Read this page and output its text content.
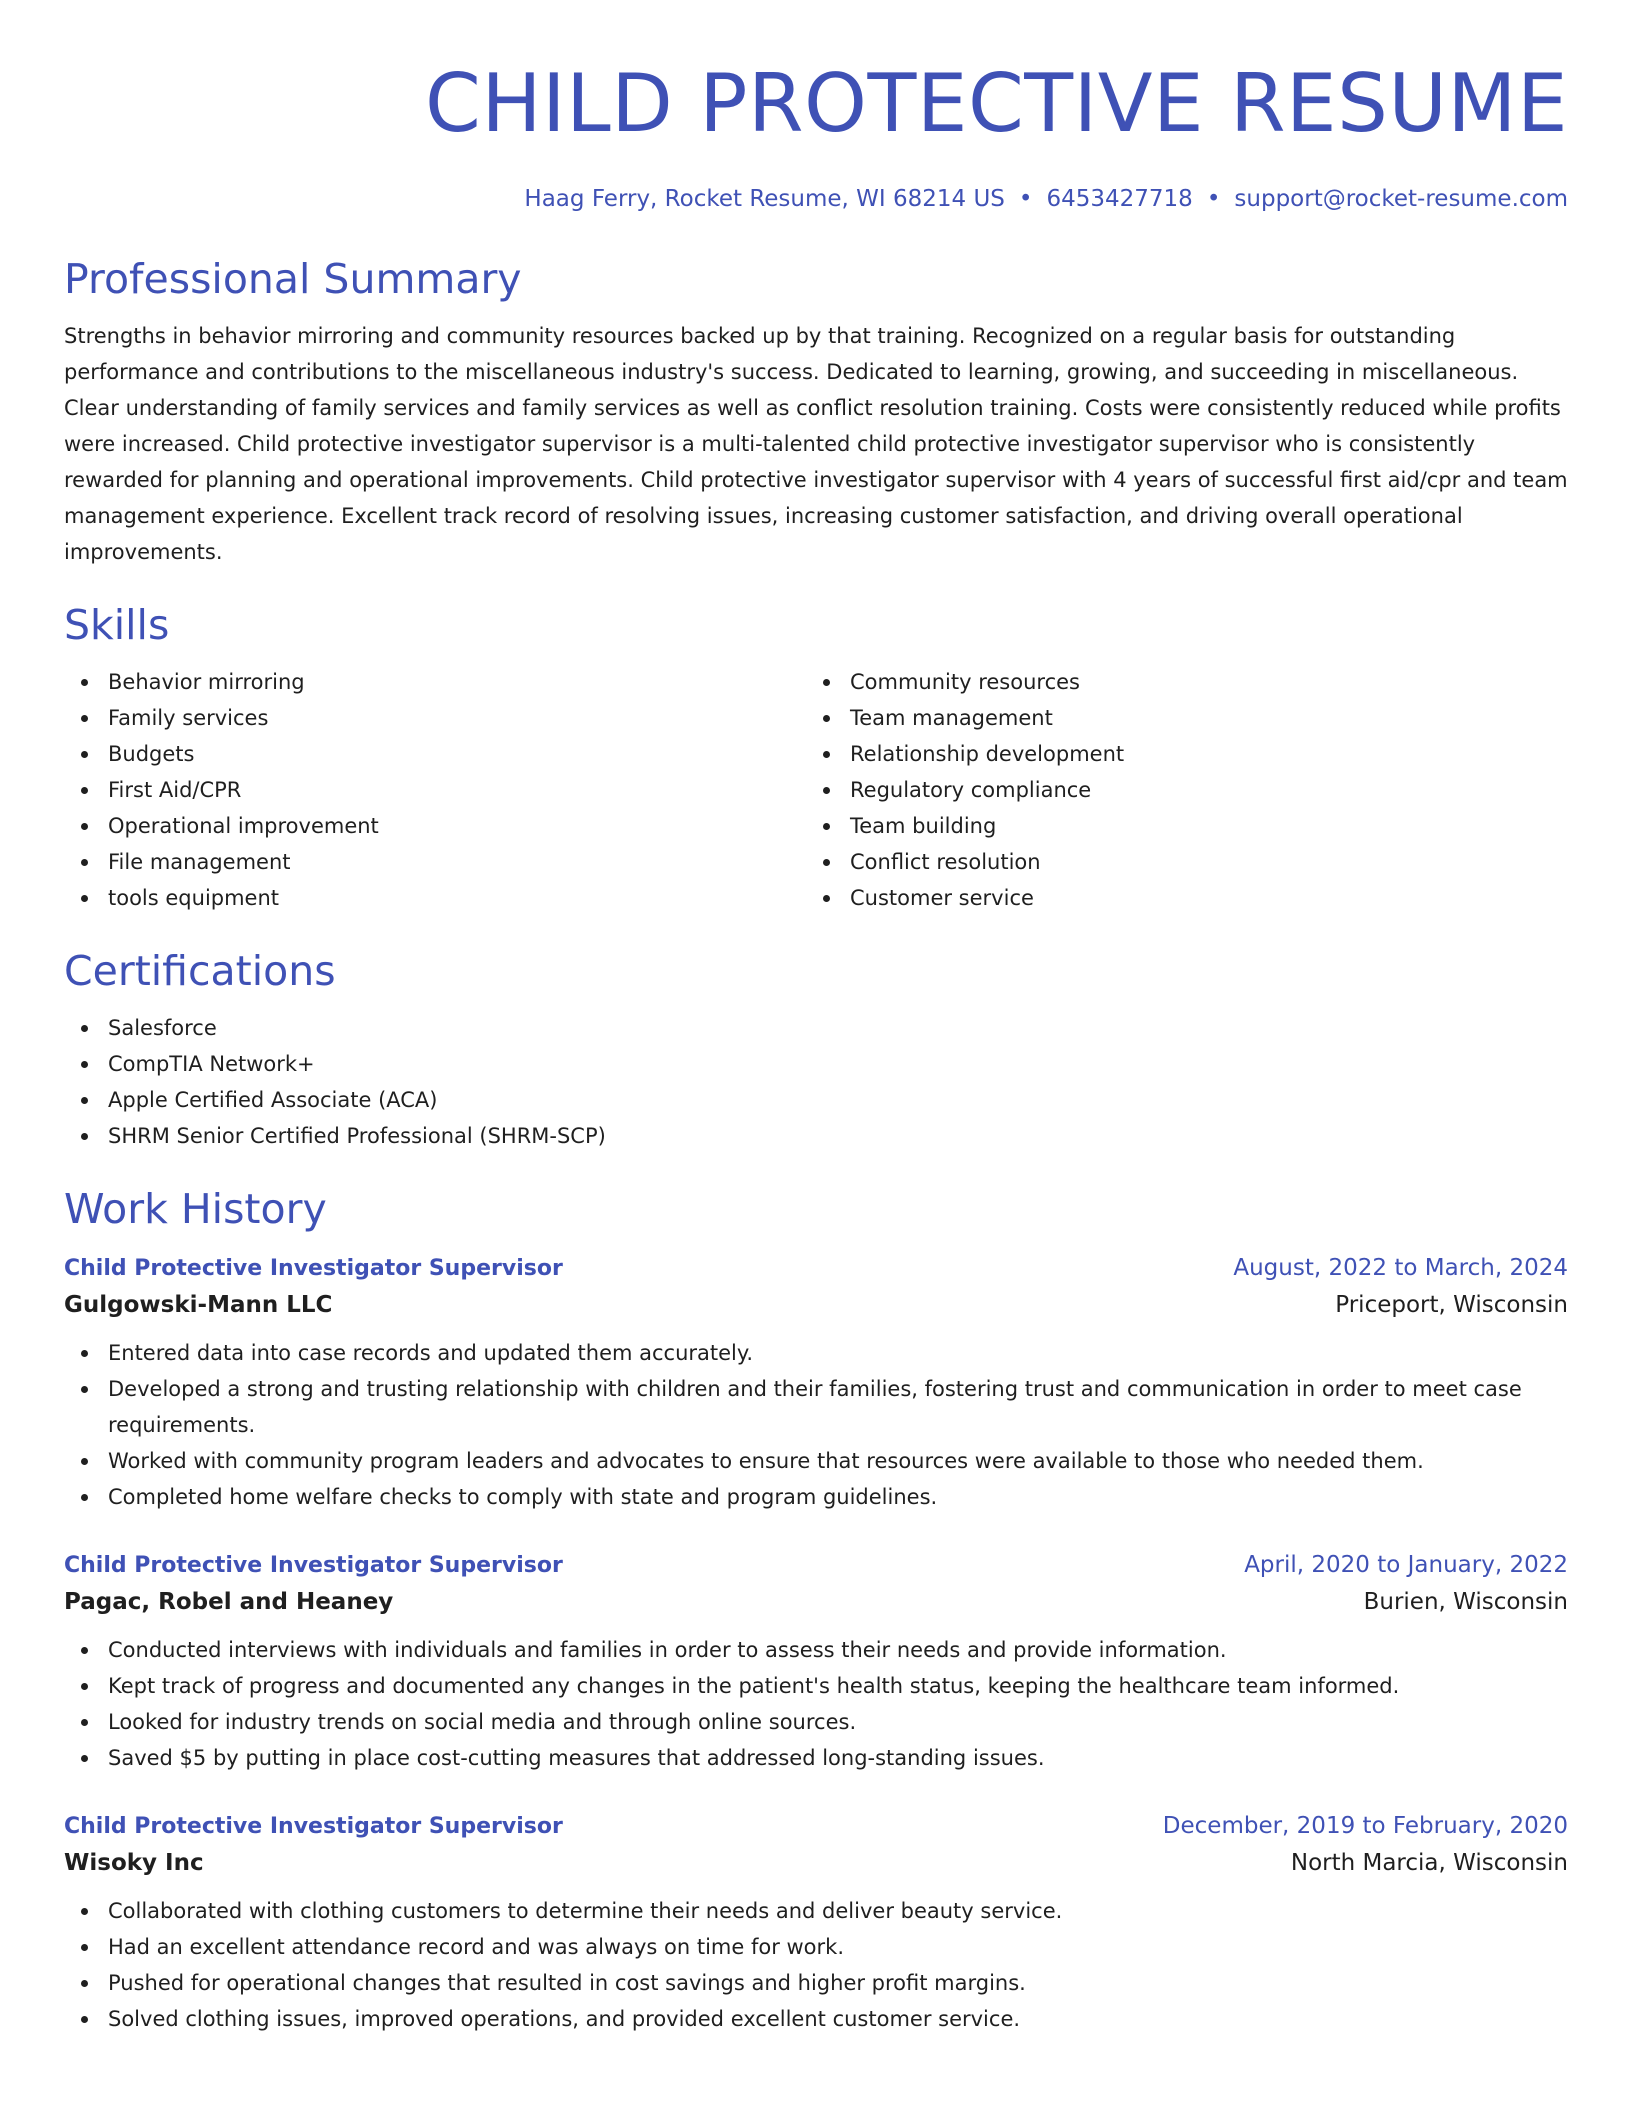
CHILD PROTECTIVE RESUME
Haag Ferry, Rocket Resume, WI 68214 US • 6453427718 • support@rocket-resume.com
Professional Summary

Strengths in behavior mirroring and community resources backed up by that training. Recognized on a regular basis for outstanding performance and contributions to the miscellaneous industry's success. Dedicated to learning, growing, and succeeding in miscellaneous. Clear understanding of family services and family services as well as conflict resolution training. Costs were consistently reduced while profits were increased. Child protective investigator supervisor is a multi-talented child protective investigator supervisor who is consistently rewarded for planning and operational improvements. Child protective investigator supervisor with 4 years of successful first aid/cpr and team management experience. Excellent track record of resolving issues, increasing customer satisfaction, and driving overall operational improvements.

Skills
Behavior mirroring
Family services
Budgets
First Aid/CPR
Operational improvement
File management
tools equipment
Community resources
Team management
Relationship development
Regulatory compliance
Team building
Conflict resolution
Customer service
Certifications
Salesforce
CompTIA Network+
Apple Certified Associate (ACA)
SHRM Senior Certified Professional (SHRM-SCP)
Work History
Child Protective Investigator Supervisor	August, 2022 to March, 2024
Gulgowski-Mann LLC	Priceport, Wisconsin
Entered data into case records and updated them accurately.
Developed a strong and trusting relationship with children and their families, fostering trust and communication in order to meet case requirements.
Worked with community program leaders and advocates to ensure that resources were available to those who needed them.
Completed home welfare checks to comply with state and program guidelines.
Child Protective Investigator Supervisor	April, 2020 to January, 2022
Pagac, Robel and Heaney	Burien, Wisconsin
Conducted interviews with individuals and families in order to assess their needs and provide information.
Kept track of progress and documented any changes in the patient's health status, keeping the healthcare team informed.
Looked for industry trends on social media and through online sources.
Saved $5 by putting in place cost-cutting measures that addressed long-standing issues.
Child Protective Investigator Supervisor	December, 2019 to February, 2020
Wisoky Inc	North Marcia, Wisconsin
Collaborated with clothing customers to determine their needs and deliver beauty service.
Had an excellent attendance record and was always on time for work.
Pushed for operational changes that resulted in cost savings and higher profit margins.
Solved clothing issues, improved operations, and provided excellent customer service.
